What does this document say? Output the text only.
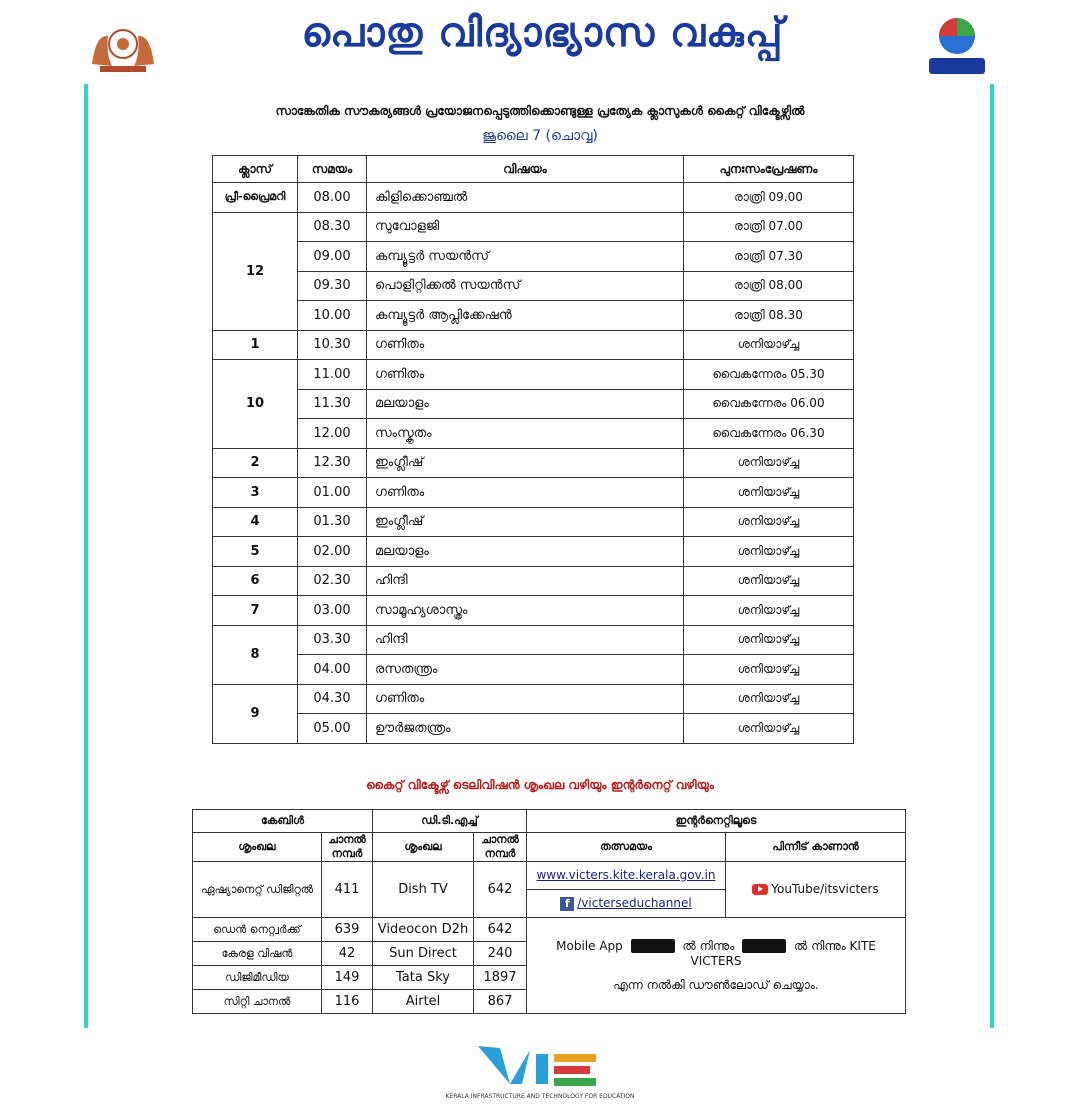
പൊതു വിദ്യാഭ്യാസ വകുപ്പ്
സാങ്കേതിക സൗകര്യങ്ങൾ പ്രയോജനപ്പെടുത്തിക്കൊണ്ടുള്ള പ്രത്യേക ക്ലാസുകൾ കൈറ്റ് വിക്ടേഴ്സിൽ
ജൂലൈ 7 (ചൊവ്വ)
ക്ലാസ്	സമയം	വിഷയം	പുനഃസംപ്രേഷണം
പ്രീ-പ്രൈമറി	08.00	കിളിക്കൊഞ്ചൽ	രാത്രി 09.00
12	08.30	സുവോളജി	രാത്രി 07.00
	09.00	കമ്പ്യൂട്ടർ സയൻസ്	രാത്രി 07.30
	09.30	പൊളിറ്റിക്കൽ സയൻസ്	രാത്രി 08.00
	10.00	കമ്പ്യൂട്ടർ ആപ്ലിക്കേഷൻ	രാത്രി 08.30
1	10.30	ഗണിതം	ശനിയാഴ്ച്ച
10	11.00	ഗണിതം	വൈകന്നേരം 05.30
	11.30	മലയാളം	വൈകന്നേരം 06.00
	12.00	സംസ്കൃതം	വൈകന്നേരം 06.30
2	12.30	ഇംഗ്ലീഷ്	ശനിയാഴ്ച്ച
3	01.00	ഗണിതം	ശനിയാഴ്ച്ച
4	01.30	ഇംഗ്ലീഷ്	ശനിയാഴ്ച്ച
5	02.00	മലയാളം	ശനിയാഴ്ച്ച
6	02.30	ഹിന്ദി	ശനിയാഴ്ച്ച
7	03.00	സാമൂഹ്യശാസ്ത്രം	ശനിയാഴ്ച്ച
8	03.30	ഹിന്ദി	ശനിയാഴ്ച്ച
	04.00	രസതന്ത്രം	ശനിയാഴ്ച്ച
9	04.30	ഗണിതം	ശനിയാഴ്ച്ച
	05.00	ഊർജതന്ത്രം	ശനിയാഴ്ച്ച
കൈറ്റ് വിക്ടേഴ്സ് ടെലിവിഷൻ ശൃംഖല വഴിയും ഇന്റർനെറ്റ് വഴിയും
കേബിൾ		ഡി.ടി.എച്ച്		ഇന്റർനെറ്റിലൂടെ	
ശൃംഖല	ചാനൽ നമ്പർ	ശൃംഖല	ചാനൽ നമ്പർ	തത്സമയം	പിന്നീട് കാണാൻ
ഏഷ്യാനെറ്റ് ഡിജിറ്റൽ	411	Dish TV	642	www.victers.kite.kerala.gov.in
f /victerseduchannel	YouTube/itsvicters
ഡെൻ നെറ്റ്വർക്ക്	639	Videocon D2h	642	Mobile App ൽ നിന്നും ൽ നിന്നും KITE VICTERS
എന്ന നൽകി ഡൗൺലോഡ് ചെയ്യാം.	

കേരള വിഷൻ	42	Sun Direct	240		
ഡിജിമീഡിയ	149	Tata Sky	1897		
സിറ്റി ചാനൽ	116	Airtel	867		
KERALA INFRASTRUCTURE AND TECHNOLOGY FOR EDUCATION
